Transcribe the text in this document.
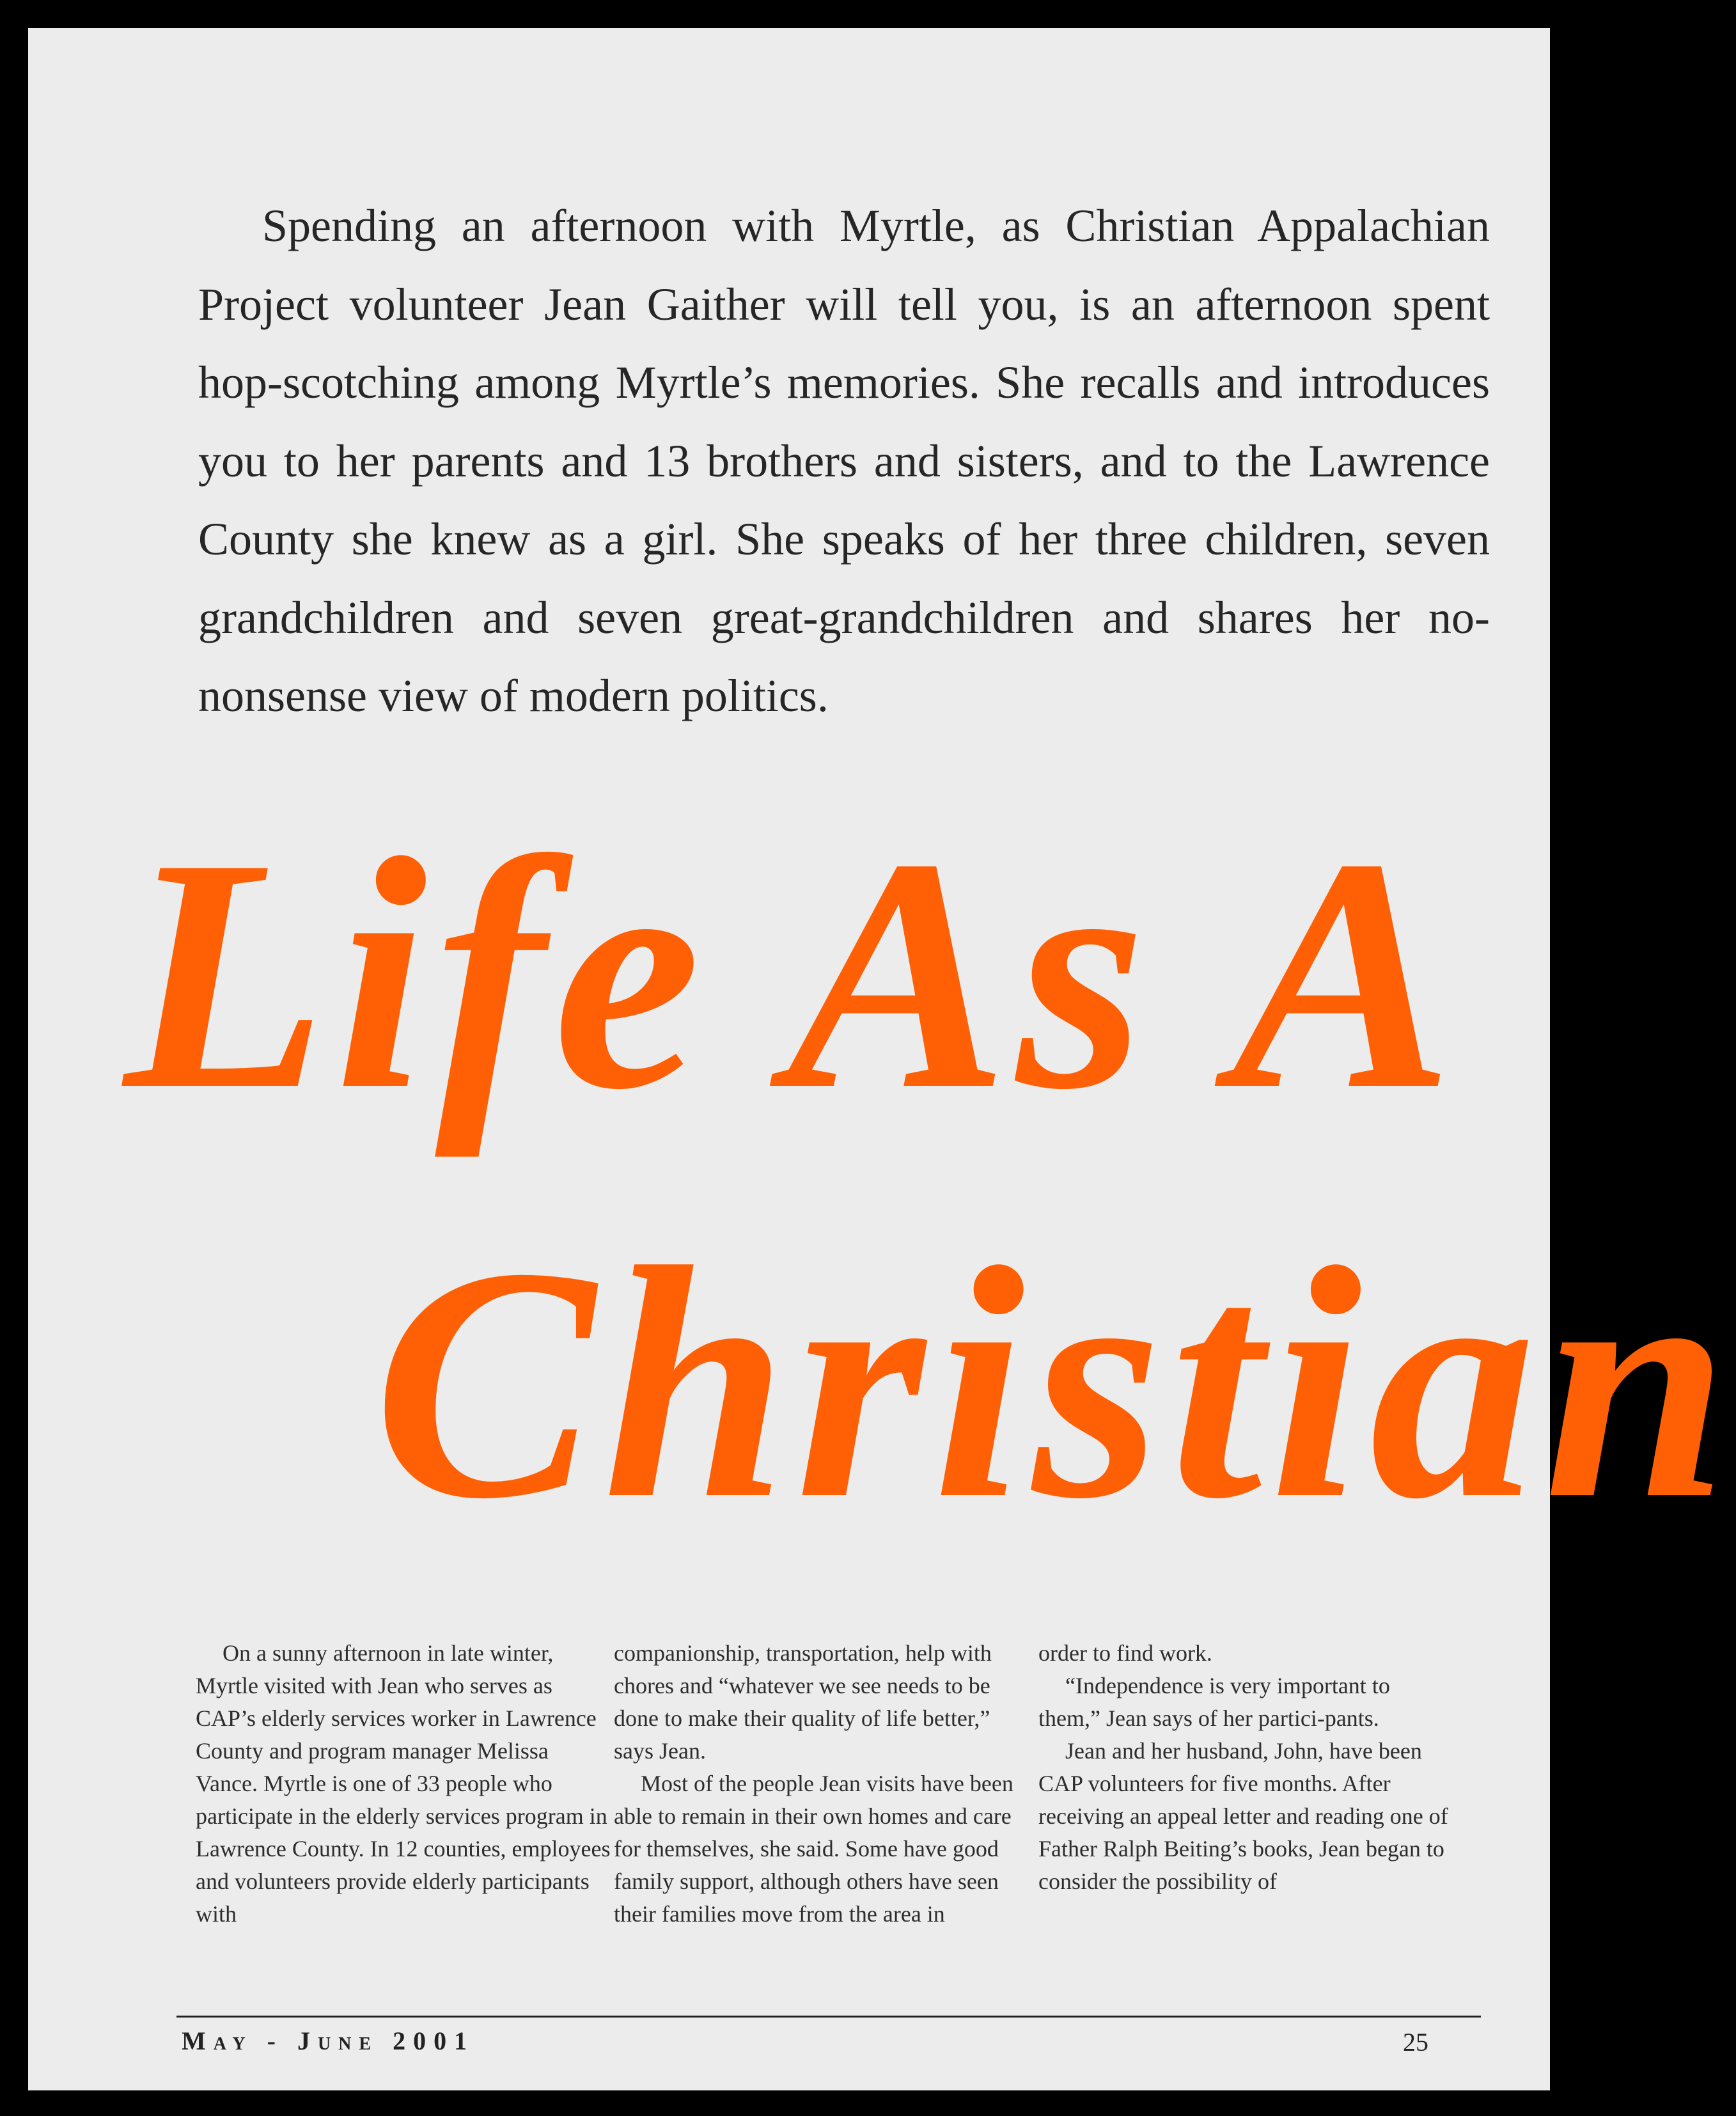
Spending an afternoon with Myrtle, as Christian Appalachian Project volunteer Jean Gaither will tell you, is an afternoon spent hop-scotching among Myrtle’s memories. She recalls and introduces you to her parents and 13 brothers and sisters, and to the Lawrence County she knew as a girl. She speaks of her three children, seven grandchildren and seven great-grandchildren and shares her no-nonsense view of modern politics.

Life As A
Christian

On a sunny afternoon in late winter, Myrtle visited with Jean who serves as CAP’s elderly services worker in Lawrence County and program manager Melissa Vance. Myrtle is one of 33 people who participate in the elderly services program in Lawrence County. In 12 counties, employees and volunteers provide elderly participants with

companionship, transportation, help with chores and “whatever we see needs to be done to make their quality of life better,” says Jean.

Most of the people Jean visits have been able to remain in their own homes and care for themselves, she said. Some have good family support, although others have seen their families move from the area in

order to find work.

“Independence is very important to them,” Jean says of her partici-pants.

Jean and her husband, John, have been CAP volunteers for five months. After receiving an appeal letter and reading one of Father Ralph Beiting’s books, Jean began to consider the possibility of

May - June 2001	25
